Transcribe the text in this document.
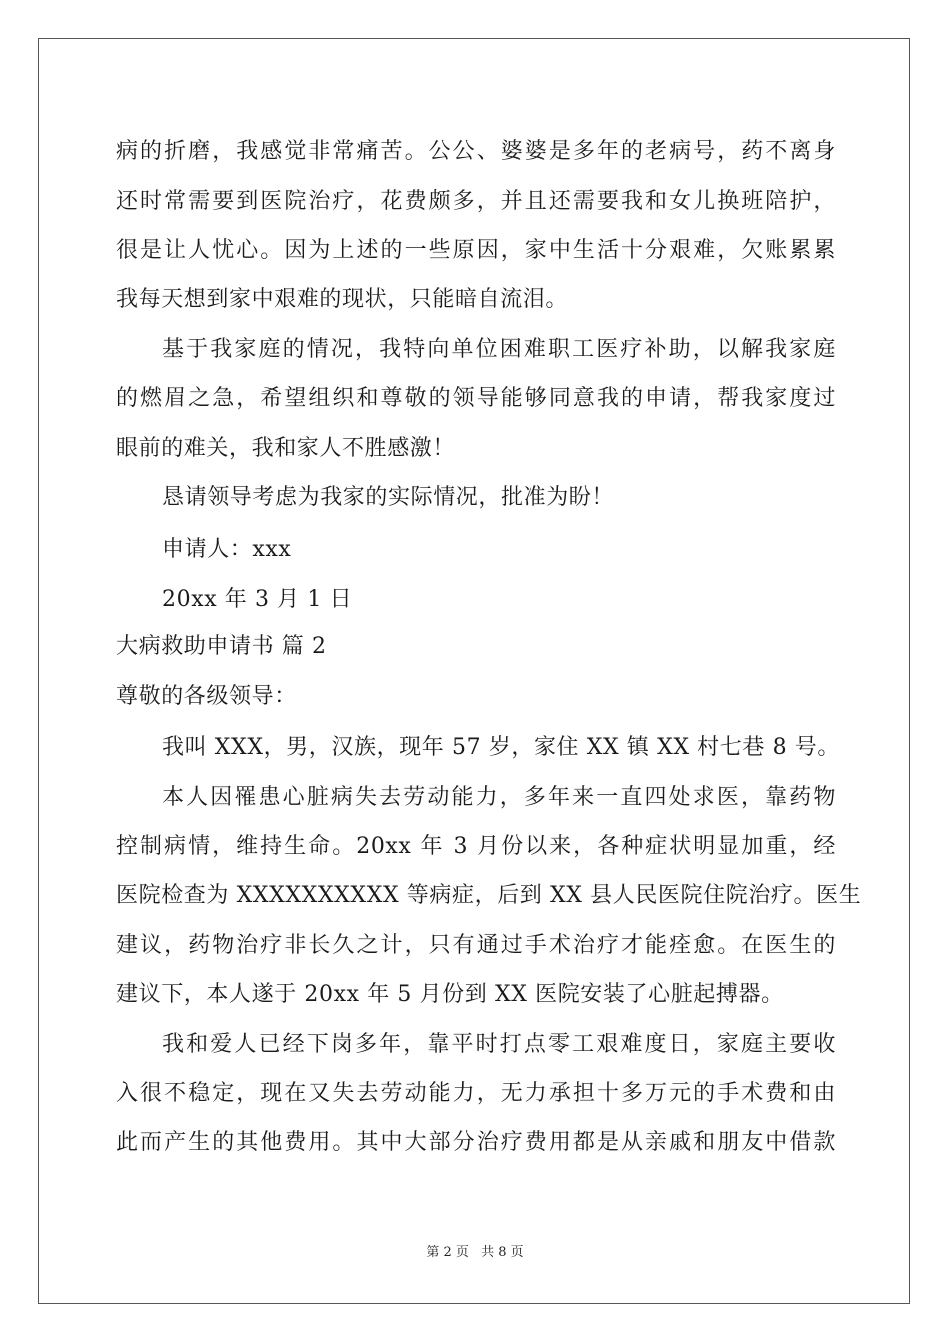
病的折磨，我感觉非常痛苦。公公、婆婆是多年的老病号，药不离身
还时常需要到医院治疗，花费颇多，并且还需要我和女儿换班陪护，
很是让人忧心。因为上述的一些原因，家中生活十分艰难，欠账累累
我每天想到家中艰难的现状，只能暗自流泪。
基于我家庭的情况，我特向单位困难职工医疗补助，以解我家庭
的燃眉之急，希望组织和尊敬的领导能够同意我的申请，帮我家度过
眼前的难关，我和家人不胜感激！
恳请领导考虑为我家的实际情况，批准为盼！
申请人：xxx
20xx 年 3 月 1 日
大病救助申请书 篇 2
尊敬的各级领导：
我叫 XXX，男，汉族，现年 57 岁，家住 XX 镇 XX 村七巷 8 号。
本人因罹患心脏病失去劳动能力，多年来一直四处求医，靠药物
控制病情，维持生命。20xx 年 3 月份以来，各种症状明显加重，经
医院检查为 XXXXXXXXXX 等病症，后到 XX 县人民医院住院治疗。医生
建议，药物治疗非长久之计，只有通过手术治疗才能痊愈。在医生的
建议下，本人遂于 20xx 年 5 月份到 XX 医院安装了心脏起搏器。
我和爱人已经下岗多年，靠平时打点零工艰难度日，家庭主要收
入很不稳定，现在又失去劳动能力，无力承担十多万元的手术费和由
此而产生的其他费用。其中大部分治疗费用都是从亲戚和朋友中借款
第 2 页 共 8 页
